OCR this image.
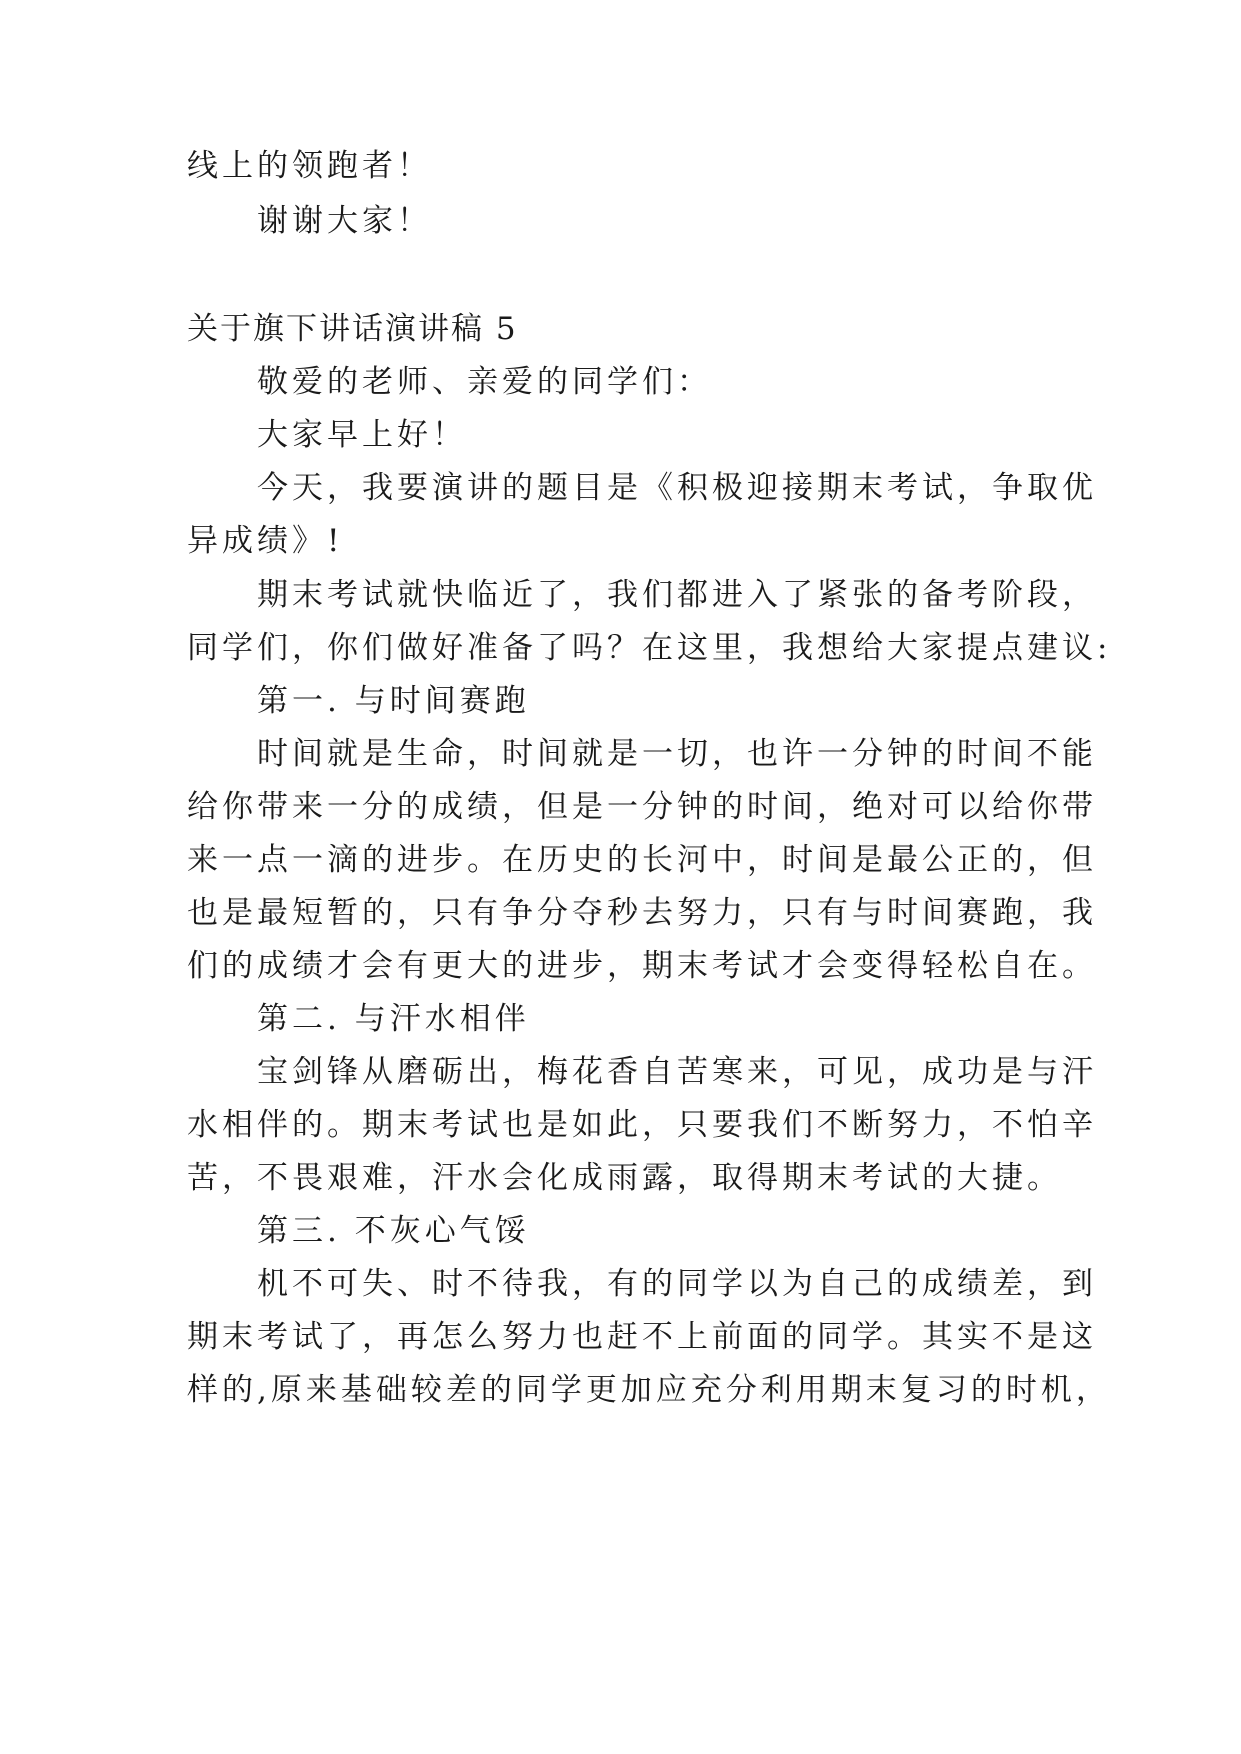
线上的领跑者！
谢谢大家！
关于旗下讲话演讲稿 5
敬爱的老师、亲爱的同学们：
大家早上好！
今天，我要演讲的题目是《积极迎接期末考试，争取优
异成绩》!
期末考试就快临近了，我们都进入了紧张的备考阶段，
同学们，你们做好准备了吗？在这里，我想给大家提点建议:
第一. 与时间赛跑
时间就是生命，时间就是一切，也许一分钟的时间不能
给你带来一分的成绩，但是一分钟的时间，绝对可以给你带
来一点一滴的进步。在历史的长河中，时间是最公正的，但
也是最短暂的，只有争分夺秒去努力，只有与时间赛跑，我
们的成绩才会有更大的进步，期末考试才会变得轻松自在。
第二. 与汗水相伴
宝剑锋从磨砺出，梅花香自苦寒来，可见，成功是与汗
水相伴的。期末考试也是如此，只要我们不断努力，不怕辛
苦，不畏艰难，汗水会化成雨露，取得期末考试的大捷。
第三. 不灰心气馁
机不可失、时不待我，有的同学以为自己的成绩差，到
期末考试了，再怎么努力也赶不上前面的同学。其实不是这
样的,原来基础较差的同学更加应充分利用期末复习的时机，
